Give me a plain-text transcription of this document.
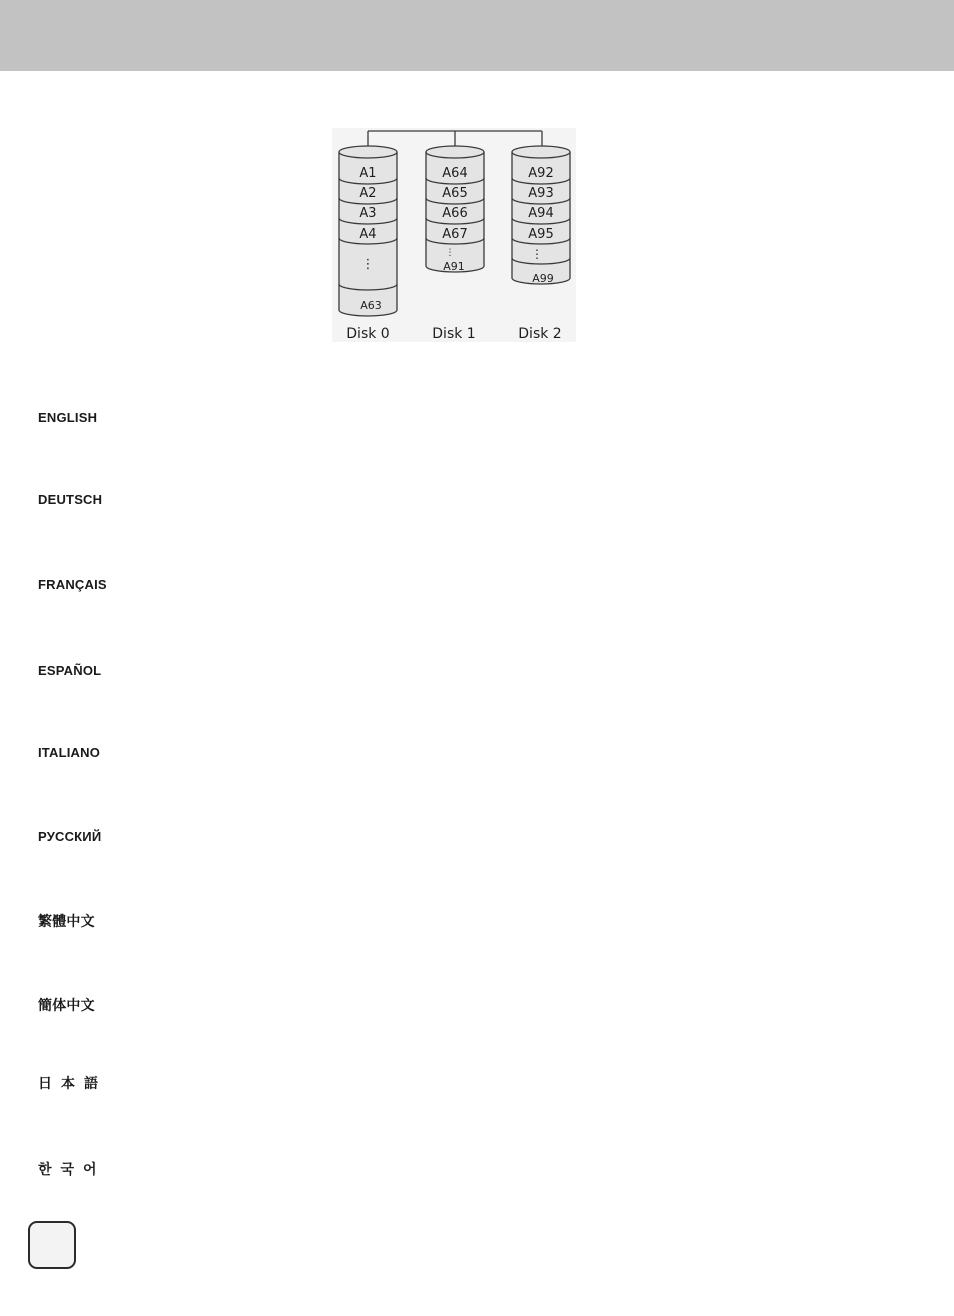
A1
A2
A3
A4
⋮
A63
Disk 0
A64
A65
A66
A67
⋮
A91
Disk 1
A92
A93
A94
A95
⋮
A99
Disk 2
ENGLISH
DEUTSCH
FRANÇAIS
ESPAÑOL
ITALIANO
РУССКИЙ
繁體中文
簡体中文
日本語
한국어
